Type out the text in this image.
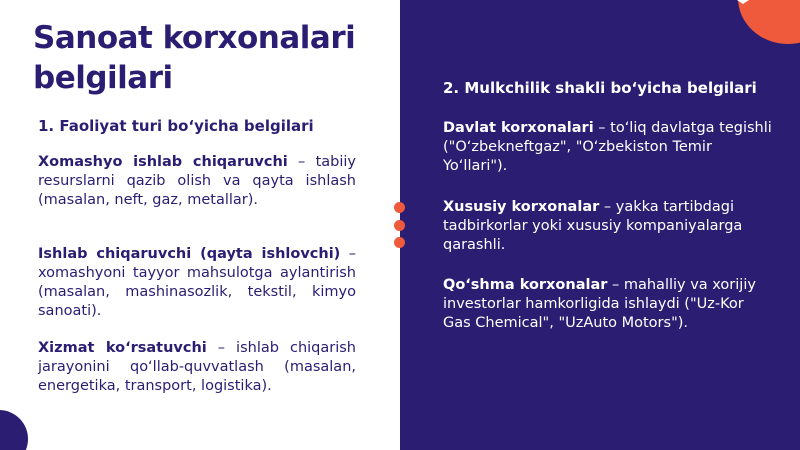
Sanoat korxonalari belgilari
1. Faoliyat turi bo‘yicha belgilari

Xomashyo ishlab chiqaruvchi – tabiiy resurslarni qazib olish va qayta ishlash (masalan, neft, gaz, metallar).

Ishlab chiqaruvchi (qayta ishlovchi) – xomashyoni tayyor mahsulotga aylantirish (masalan, mashinasozlik, tekstil, kimyo sanoati).

Xizmat ko‘rsatuvchi – ishlab chiqarish jarayonini qo‘llab-quvvatlash (masalan, energetika, transport, logistika).

2. Mulkchilik shakli bo‘yicha belgilari

Davlat korxonalari – to‘liq davlatga tegishli ("O‘zbekneftgaz", "O‘zbekiston Temir Yo‘llari").

Xususiy korxonalar – yakka tartibdagi tadbirkorlar yoki xususiy kompaniyalarga qarashli.

Qo‘shma korxonalar – mahalliy va xorijiy investorlar hamkorligida ishlaydi ("Uz-Kor Gas Chemical", "UzAuto Motors").
